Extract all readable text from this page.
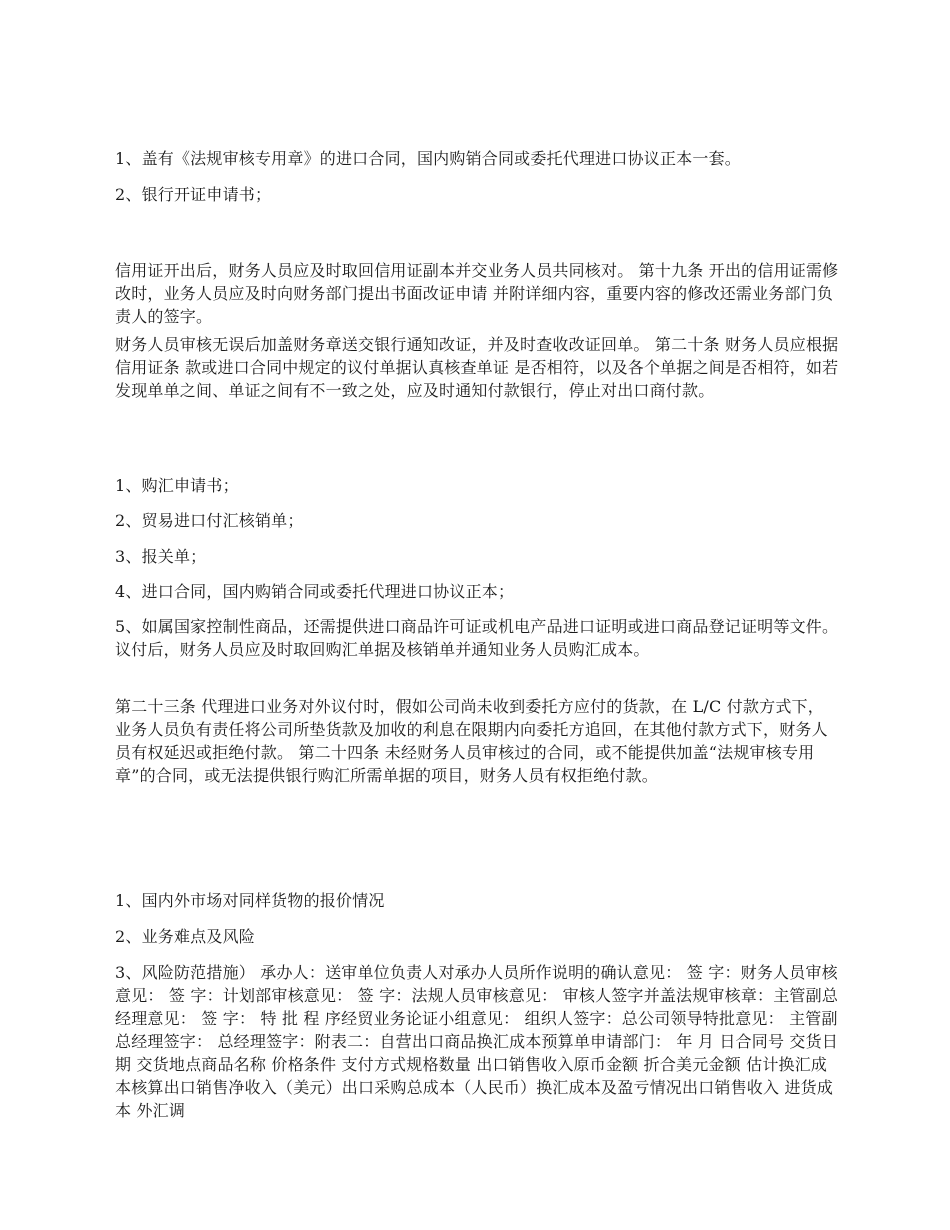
1、盖有《法规审核专用章》的进口合同，国内购销合同或委托代理进口协议正本一套。

2、银行开证申请书；

信用证开出后，财务人员应及时取回信用证副本并交业务人员共同核对。 第十九条 开出的信用证需修改时，业务人员应及时向财务部门提出书面改证申请 并附详细内容，重要内容的修改还需业务部门负责人的签字。

财务人员审核无误后加盖财务章送交银行通知改证，并及时查收改证回单。 第二十条 财务人员应根据信用证条 款或进口合同中规定的议付单据认真核查单证 是否相符，以及各个单据之间是否相符，如若发现单单之间、单证之间有不一致之处，应及时通知付款银行，停止对出口商付款。

1、购汇申请书；

2、贸易进口付汇核销单；

3、报关单；

4、进口合同，国内购销合同或委托代理进口协议正本；

5、如属国家控制性商品，还需提供进口商品许可证或机电产品进口证明或进口商品登记证明等文件。 议付后，财务人员应及时取回购汇单据及核销单并通知业务人员购汇成本。

第二十三条 代理进口业务对外议付时，假如公司尚未收到委托方应付的货款，在 L/C 付款方式下，业务人员负有责任将公司所垫货款及加收的利息在限期内向委托方追回，在其他付款方式下，财务人员有权延迟或拒绝付款。 第二十四条 未经财务人员审核过的合同，或不能提供加盖“法规审核专用章”的合同，或无法提供银行购汇所需单据的项目，财务人员有权拒绝付款。

1、国内外市场对同样货物的报价情况

2、业务难点及风险

3、风险防范措施） 承办人：送审单位负责人对承办人员所作说明的确认意见： 签 字：财务人员审核意见： 签 字：计划部审核意见： 签 字：法规人员审核意见： 审核人签字并盖法规审核章：主管副总经理意见： 签 字： 特 批 程 序经贸业务论证小组意见： 组织人签字：总公司领导特批意见： 主管副总经理签字： 总经理签字：附表二：自营出口商品换汇成本预算单申请部门： 年 月 日合同号 交货日期 交货地点商品名称 价格条件 支付方式规格数量 出口销售收入原币金额 折合美元金额 估计换汇成本核算出口销售净收入（美元）出口采购总成本（人民币）换汇成本及盈亏情况出口销售收入 进货成本 外汇调
